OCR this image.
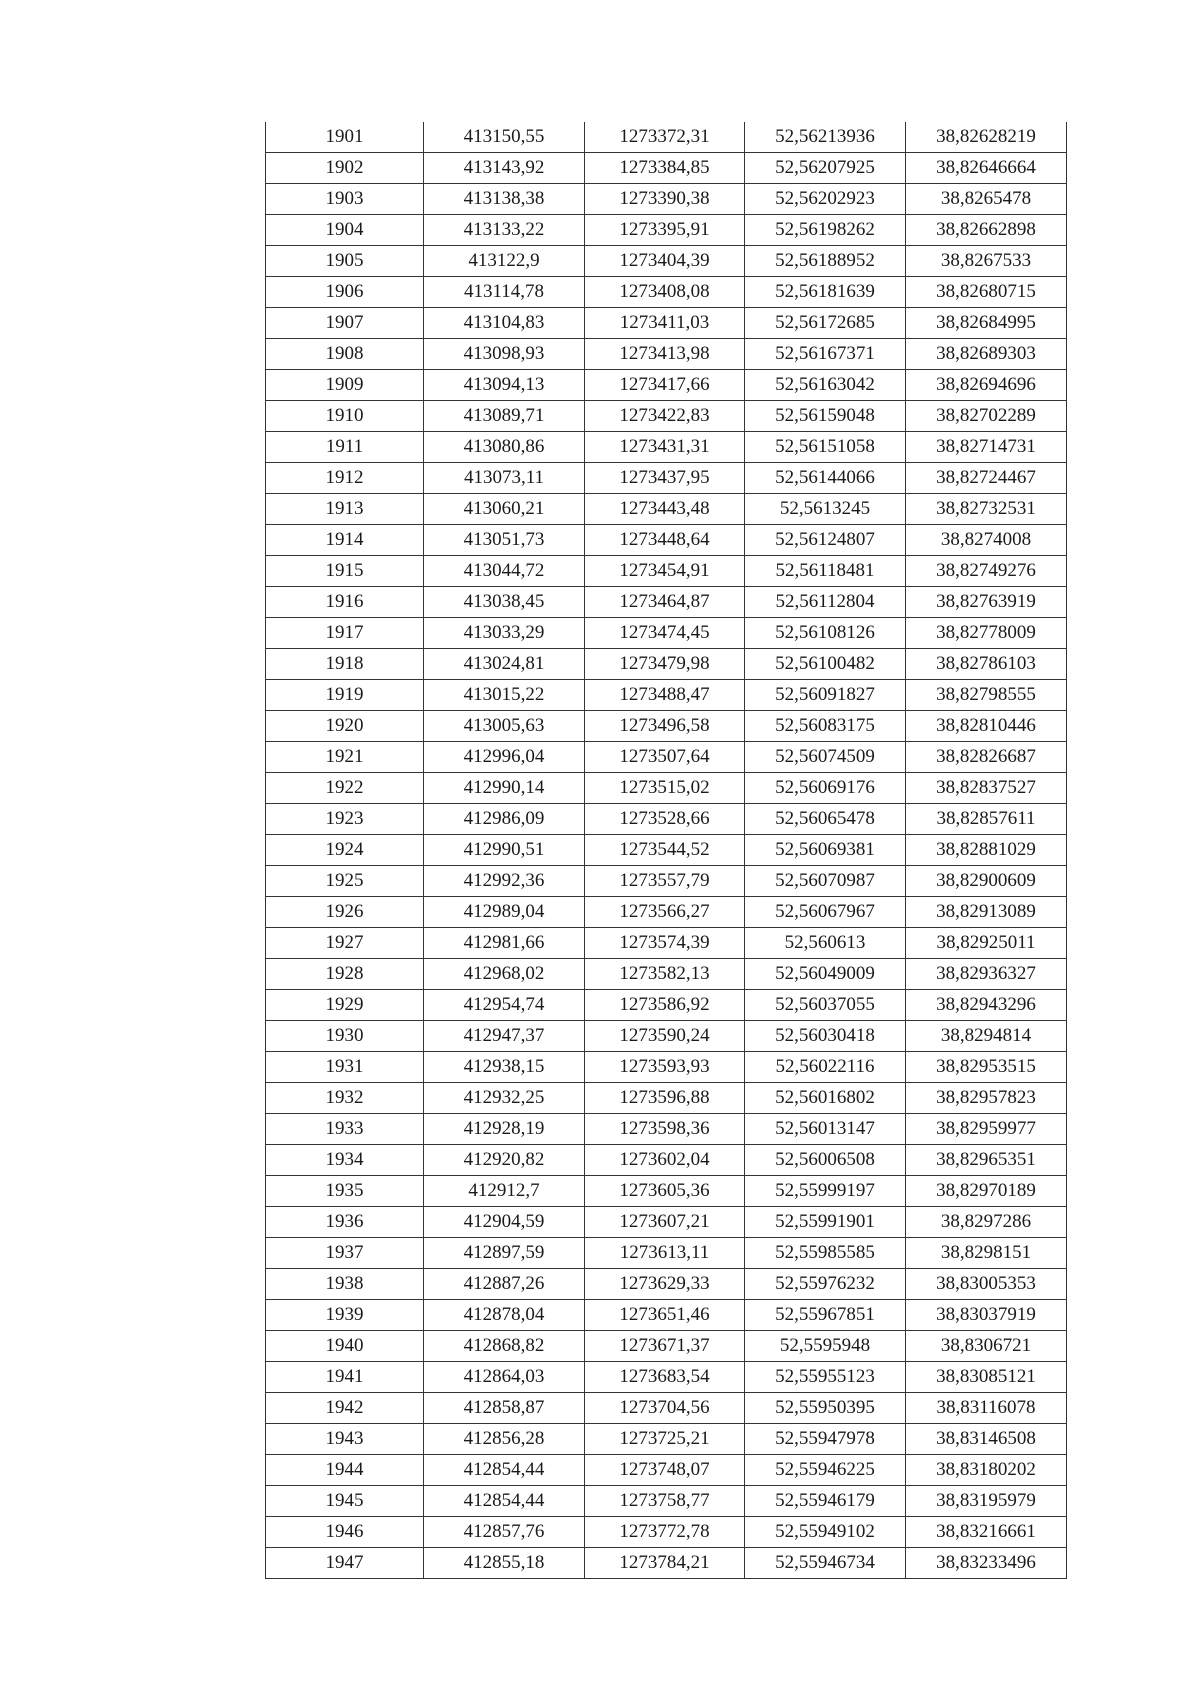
1901	413150,55	1273372,31	52,56213936	38,82628219
1902	413143,92	1273384,85	52,56207925	38,82646664
1903	413138,38	1273390,38	52,56202923	38,8265478
1904	413133,22	1273395,91	52,56198262	38,82662898
1905	413122,9	1273404,39	52,56188952	38,8267533
1906	413114,78	1273408,08	52,56181639	38,82680715
1907	413104,83	1273411,03	52,56172685	38,82684995
1908	413098,93	1273413,98	52,56167371	38,82689303
1909	413094,13	1273417,66	52,56163042	38,82694696
1910	413089,71	1273422,83	52,56159048	38,82702289
1911	413080,86	1273431,31	52,56151058	38,82714731
1912	413073,11	1273437,95	52,56144066	38,82724467
1913	413060,21	1273443,48	52,5613245	38,82732531
1914	413051,73	1273448,64	52,56124807	38,8274008
1915	413044,72	1273454,91	52,56118481	38,82749276
1916	413038,45	1273464,87	52,56112804	38,82763919
1917	413033,29	1273474,45	52,56108126	38,82778009
1918	413024,81	1273479,98	52,56100482	38,82786103
1919	413015,22	1273488,47	52,56091827	38,82798555
1920	413005,63	1273496,58	52,56083175	38,82810446
1921	412996,04	1273507,64	52,56074509	38,82826687
1922	412990,14	1273515,02	52,56069176	38,82837527
1923	412986,09	1273528,66	52,56065478	38,82857611
1924	412990,51	1273544,52	52,56069381	38,82881029
1925	412992,36	1273557,79	52,56070987	38,82900609
1926	412989,04	1273566,27	52,56067967	38,82913089
1927	412981,66	1273574,39	52,560613	38,82925011
1928	412968,02	1273582,13	52,56049009	38,82936327
1929	412954,74	1273586,92	52,56037055	38,82943296
1930	412947,37	1273590,24	52,56030418	38,8294814
1931	412938,15	1273593,93	52,56022116	38,82953515
1932	412932,25	1273596,88	52,56016802	38,82957823
1933	412928,19	1273598,36	52,56013147	38,82959977
1934	412920,82	1273602,04	52,56006508	38,82965351
1935	412912,7	1273605,36	52,55999197	38,82970189
1936	412904,59	1273607,21	52,55991901	38,8297286
1937	412897,59	1273613,11	52,55985585	38,8298151
1938	412887,26	1273629,33	52,55976232	38,83005353
1939	412878,04	1273651,46	52,55967851	38,83037919
1940	412868,82	1273671,37	52,5595948	38,8306721
1941	412864,03	1273683,54	52,55955123	38,83085121
1942	412858,87	1273704,56	52,55950395	38,83116078
1943	412856,28	1273725,21	52,55947978	38,83146508
1944	412854,44	1273748,07	52,55946225	38,83180202
1945	412854,44	1273758,77	52,55946179	38,83195979
1946	412857,76	1273772,78	52,55949102	38,83216661
1947	412855,18	1273784,21	52,55946734	38,83233496
